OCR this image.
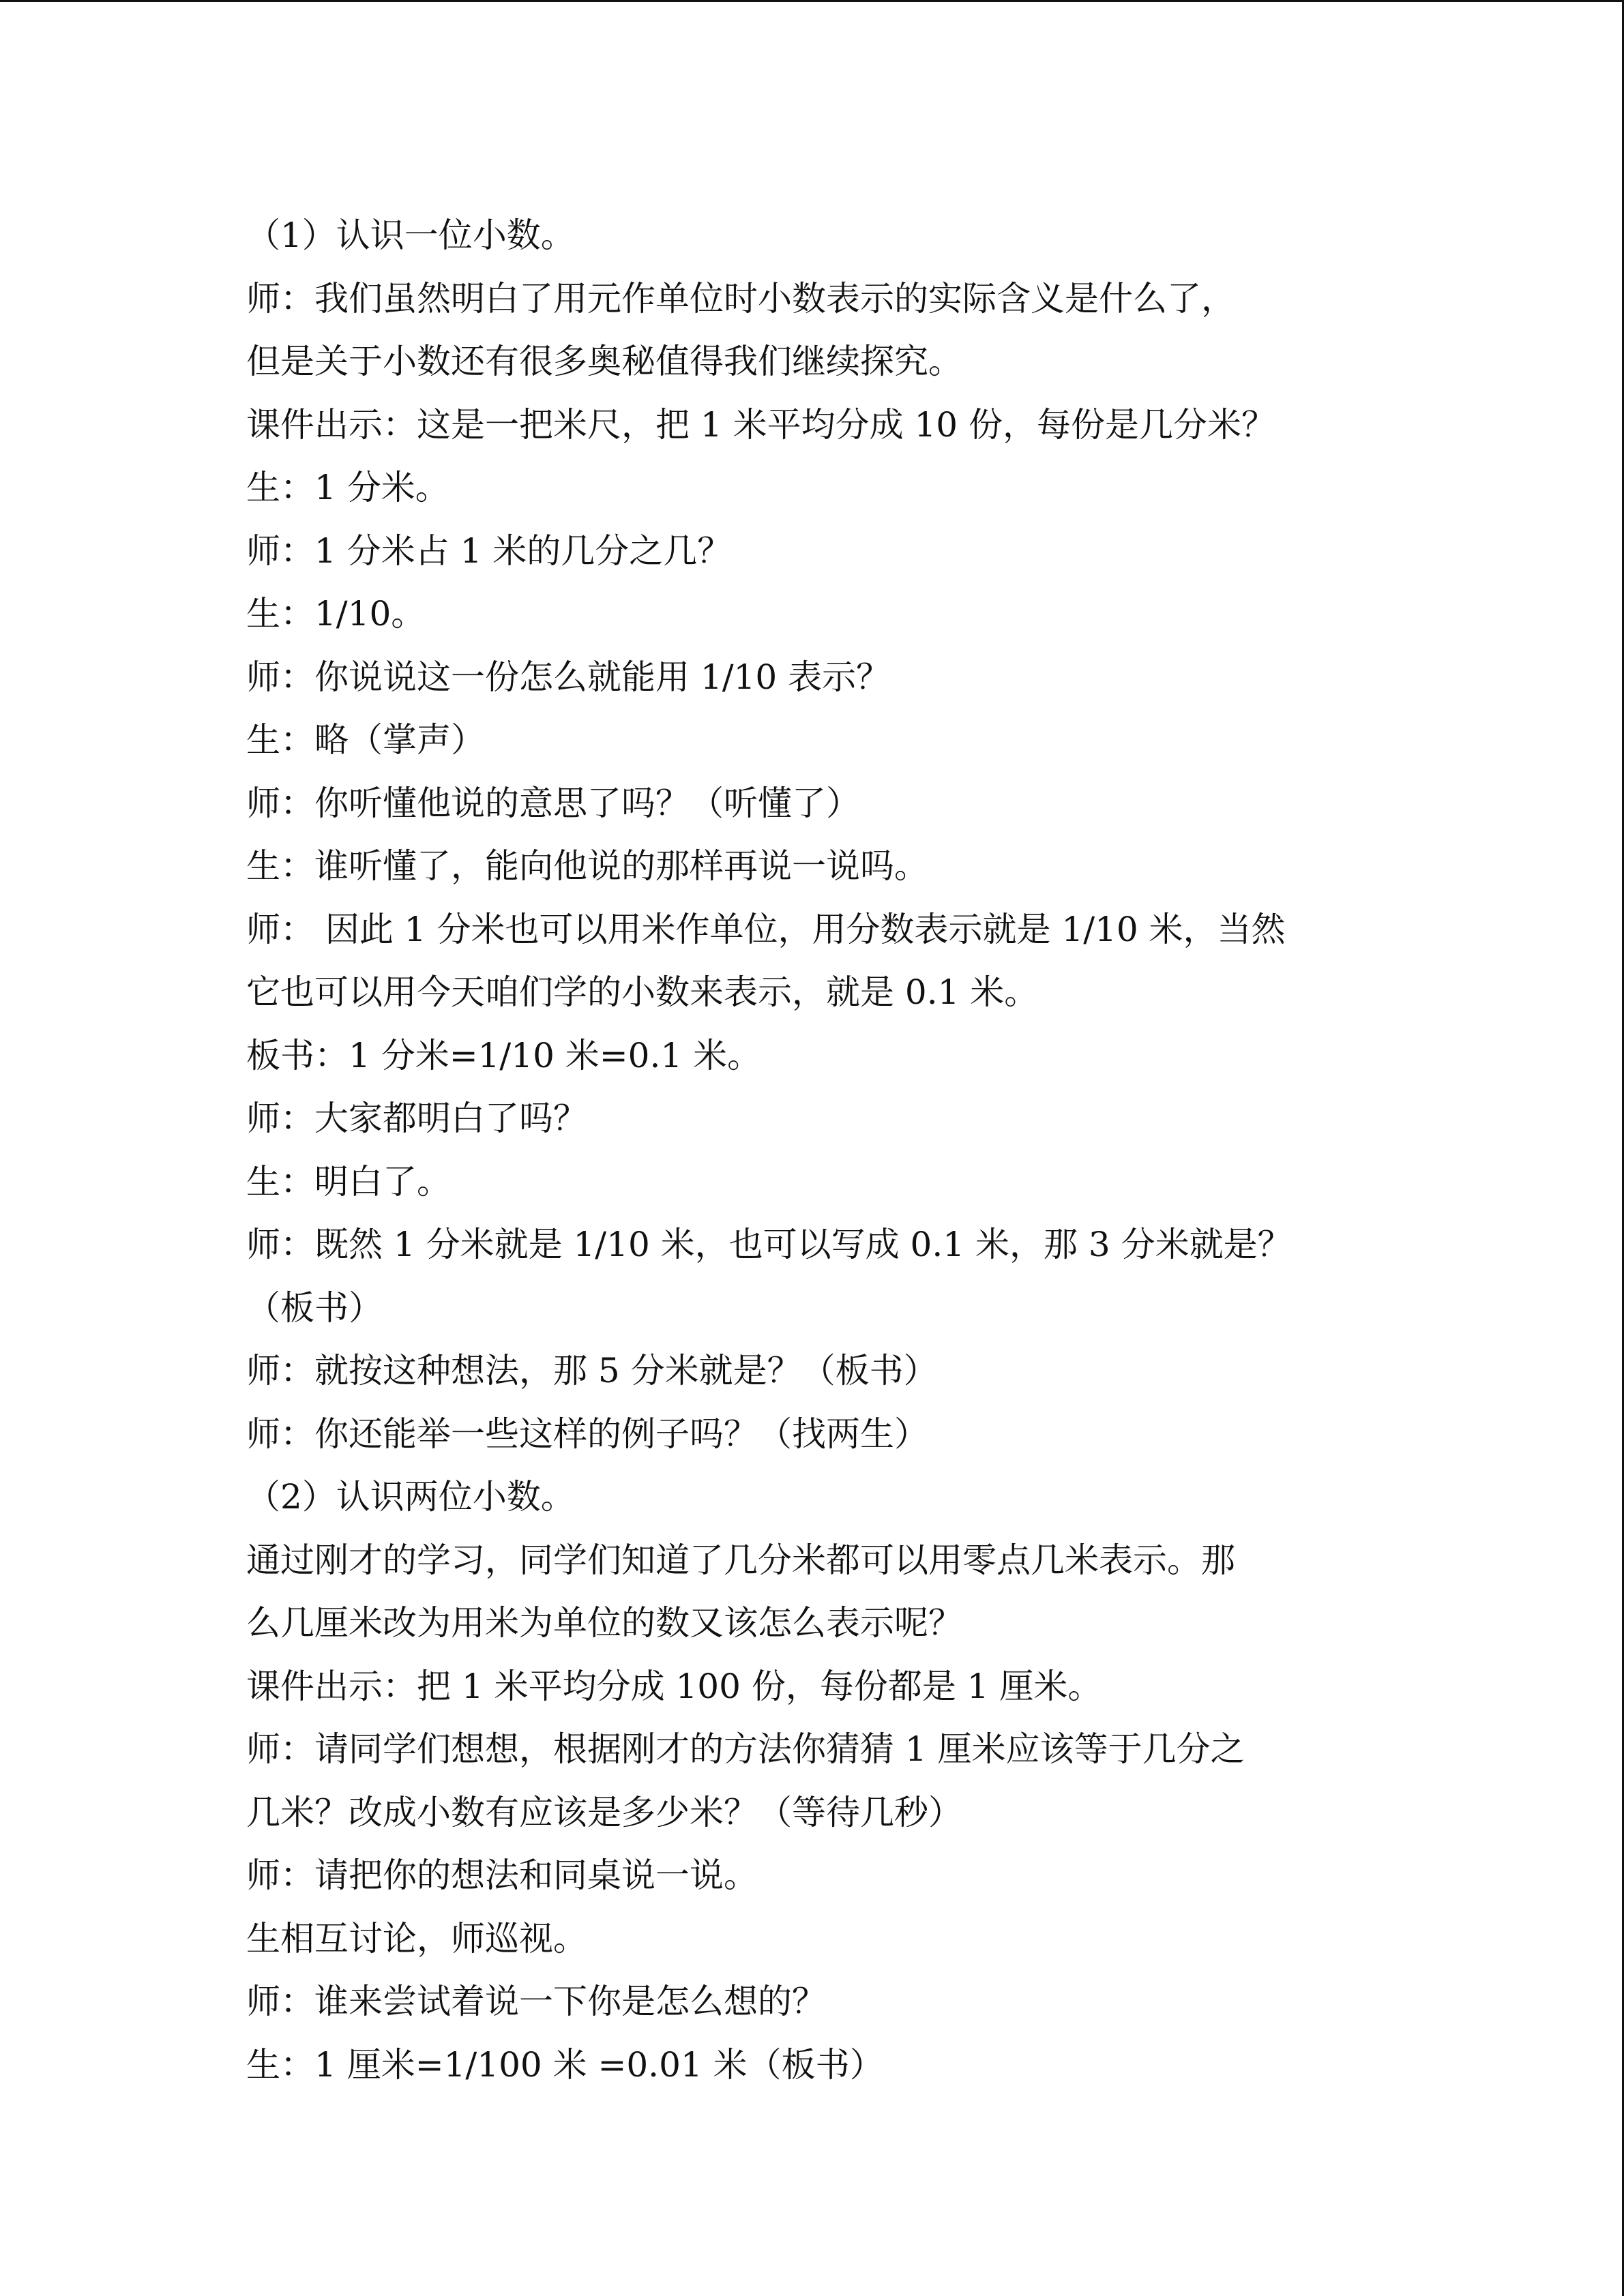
（1）认识一位小数。
师：我们虽然明白了用元作单位时小数表示的实际含义是什么了，
但是关于小数还有很多奥秘值得我们继续探究。
课件出示：这是一把米尺，把 1 米平均分成 10 份，每份是几分米？
生：1 分米。
师：1 分米占 1 米的几分之几？
生：1/10。
师：你说说这一份怎么就能用 1/10 表示？
生：略（掌声）
师：你听懂他说的意思了吗？（听懂了）
生：谁听懂了，能向他说的那样再说一说吗。
师： 因此 1 分米也可以用米作单位，用分数表示就是 1/10 米，当然
它也可以用今天咱们学的小数来表示，就是 0.1 米。
板书：1 分米=1/10 米=0.1 米。
师：大家都明白了吗？
生：明白了。
师：既然 1 分米就是 1/10 米，也可以写成 0.1 米，那 3 分米就是？
（板书）
师：就按这种想法，那 5 分米就是？（板书）
师：你还能举一些这样的例子吗？（找两生）
（2）认识两位小数。
通过刚才的学习，同学们知道了几分米都可以用零点几米表示。那
么几厘米改为用米为单位的数又该怎么表示呢？
课件出示：把 1 米平均分成 100 份，每份都是 1 厘米。
师：请同学们想想，根据刚才的方法你猜猜 1 厘米应该等于几分之
几米？改成小数有应该是多少米？（等待几秒）
师：请把你的想法和同桌说一说。
生相互讨论，师巡视。
师：谁来尝试着说一下你是怎么想的？
生：1 厘米=1/100 米 =0.01 米（板书）
